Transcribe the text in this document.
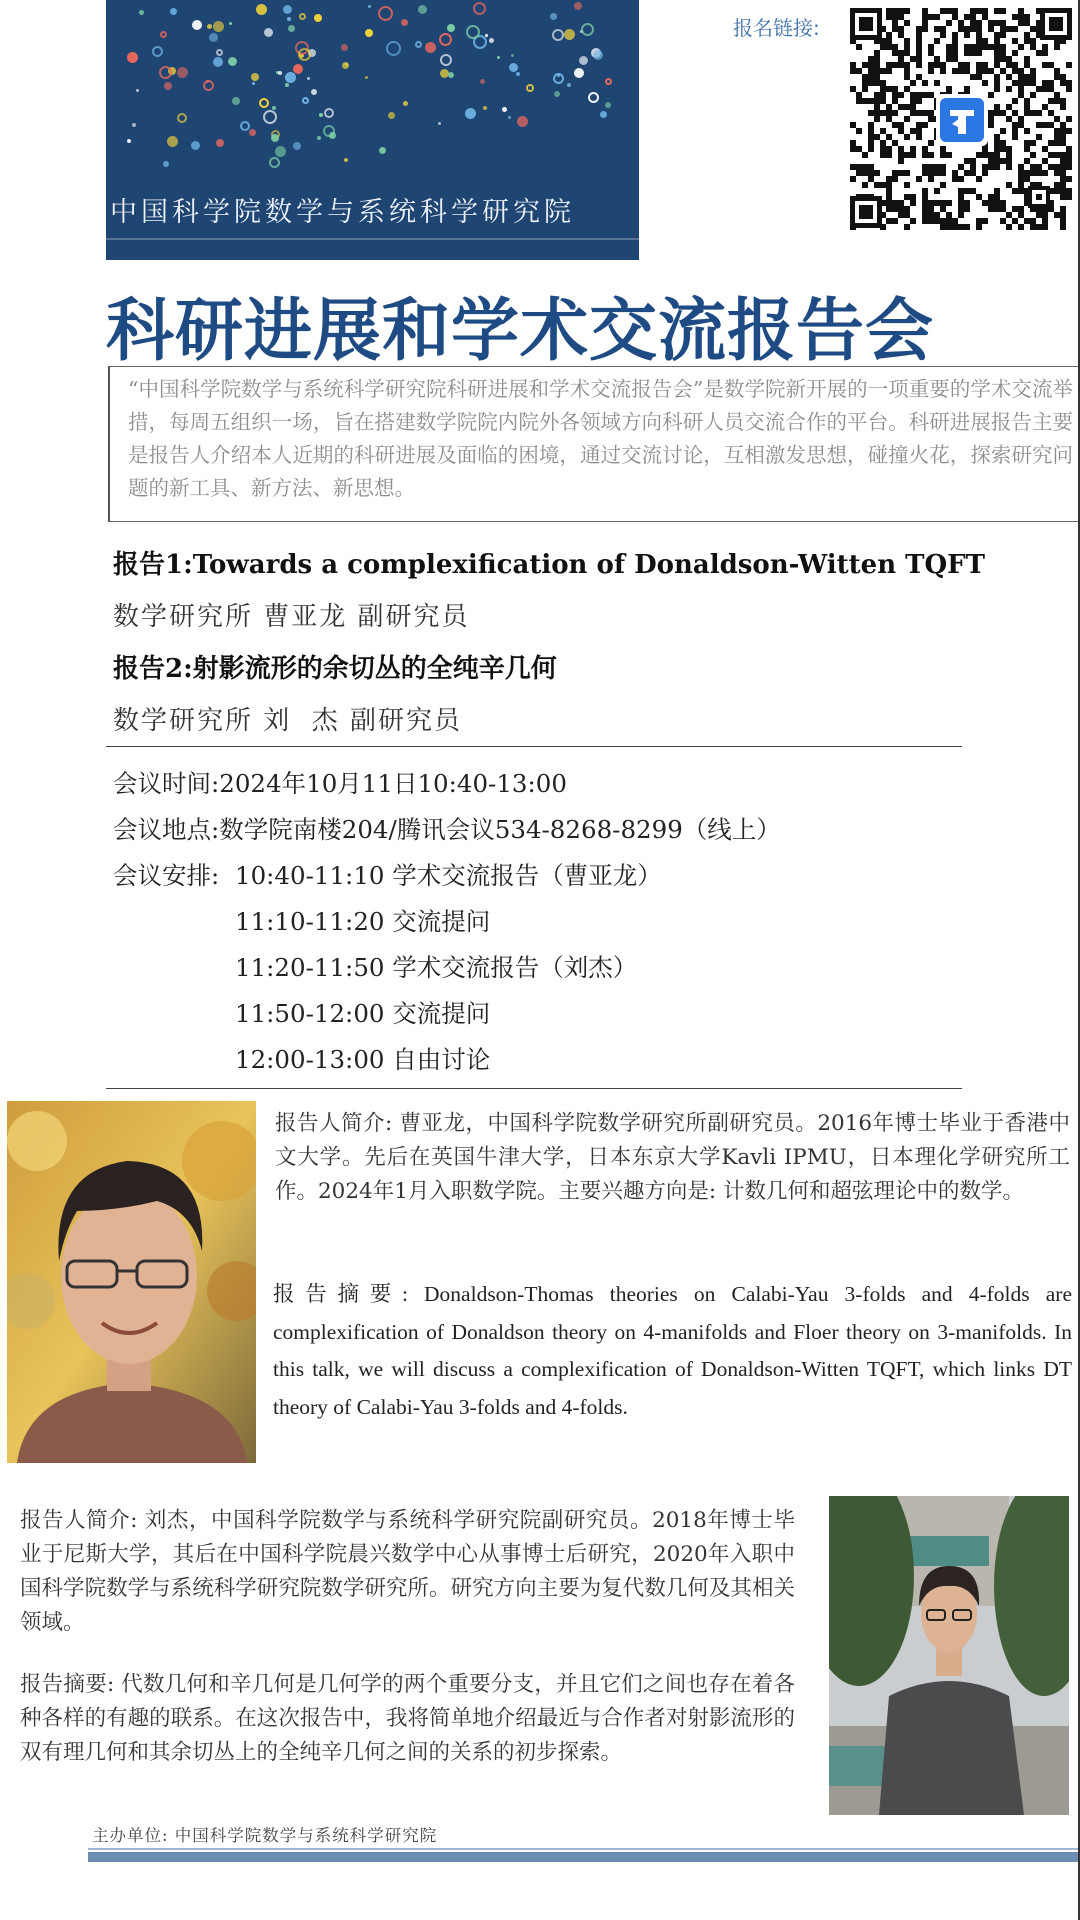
中国科学院数学与系统科学研究院
报名链接:
科研进展和学术交流报告会
“中国科学院数学与系统科学研究院科研进展和学术交流报告会”是数学院新开展的一项重要的学术交流举措，每周五组织一场，旨在搭建数学院院内院外各领域方向科研人员交流合作的平台。科研进展报告主要是报告人介绍本人近期的科研进展及面临的困境，通过交流讨论，互相激发思想，碰撞火花，探索研究问题的新工具、新方法、新思想。
报告1:Towards a complexification of Donaldson-Witten TQFT
数学研究所 曹亚龙 副研究员
报告2:射影流形的余切丛的全纯辛几何
数学研究所 刘  杰 副研究员
会议时间:2024年10月11日10:40-13:00
会议地点:数学院南楼204/腾讯会议534-8268-8299（线上）
会议安排: 10:40-11:10 学术交流报告（曹亚龙）
11:10-11:20 交流提问
11:20-11:50 学术交流报告（刘杰）
11:50-12:00 交流提问
12:00-13:00 自由讨论
报告人简介: 曹亚龙，中国科学院数学研究所副研究员。2016年博士毕业于香港中文大学。先后在英国牛津大学，日本东京大学Kavli IPMU，日本理化学研究所工作。2024年1月入职数学院。主要兴趣方向是: 计数几何和超弦理论中的数学。
报告摘要: Donaldson-Thomas theories on Calabi-Yau 3-folds and 4-folds are complexification of Donaldson theory on 4-manifolds and Floer theory on 3-manifolds. In this talk, we will discuss a complexification of Donaldson-Witten TQFT, which links DT theory of Calabi-Yau 3-folds and 4-folds.
报告人简介: 刘杰，中国科学院数学与系统科学研究院副研究员。2018年博士毕业于尼斯大学，其后在中国科学院晨兴数学中心从事博士后研究，2020年入职中国科学院数学与系统科学研究院数学研究所。研究方向主要为复代数几何及其相关领域。
报告摘要: 代数几何和辛几何是几何学的两个重要分支，并且它们之间也存在着各种各样的有趣的联系。在这次报告中，我将简单地介绍最近与合作者对射影流形的双有理几何和其余切丛上的全纯辛几何之间的关系的初步探索。
主办单位: 中国科学院数学与系统科学研究院
